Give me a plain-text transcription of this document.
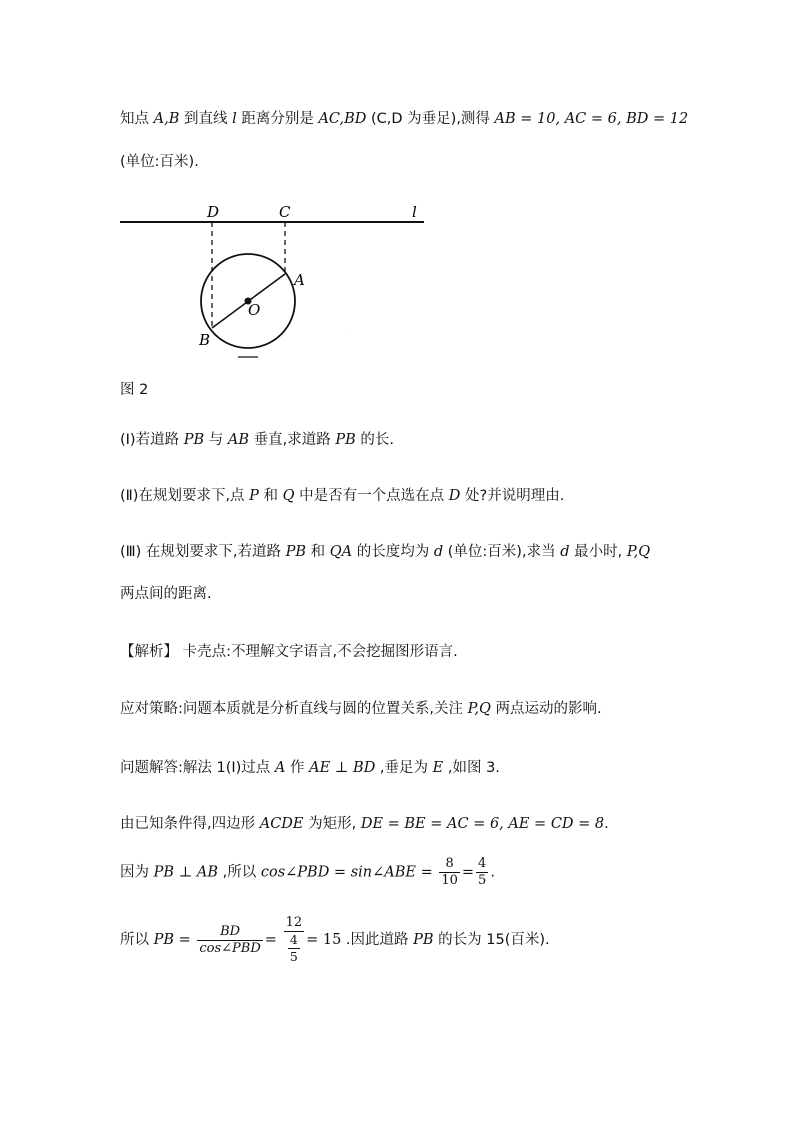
知点 A,B 到直线 l 距离分别是 AC,BD (C,D 为垂足),测得 AB = 10, AC = 6, BD = 12
(单位:百米).
.
D	C	l
A
O
B
图 2
(Ⅰ)若道路 PB 与 AB 垂直,求道路 PB 的长.
(Ⅱ)在规划要求下,点 P 和 Q 中是否有一个点选在点 D 处?并说明理由.
(Ⅲ) 在规划要求下,若道路 PB 和 QA 的长度均为 d (单位:百米),求当 d 最小时, P,Q
两点间的距离.
【解析】 卡壳点:不理解文字语言,不会挖掘图形语言.
应对策略:问题本质就是分析直线与圆的位置关系,关注 P,Q 两点运动的影响.
问题解答:解法 1(Ⅰ)过点 A 作 AE ⊥ BD ,垂足为 E ,如图 3.
由已知条件得,四边形 ACDE 为矩形, DE = BE = AC = 6, AE = CD = 8.
因为 PB ⊥ AB ,所以 cos∠PBD = sin∠ABE = $\frac{8}{10} = \frac{4}{5}$ .
所以 PB = $\frac{BD}{\text{cos∠PBD}} = \frac{12}{\frac{4}{5}} = 15$ .因此道路 PB 的长为 15(百米).
